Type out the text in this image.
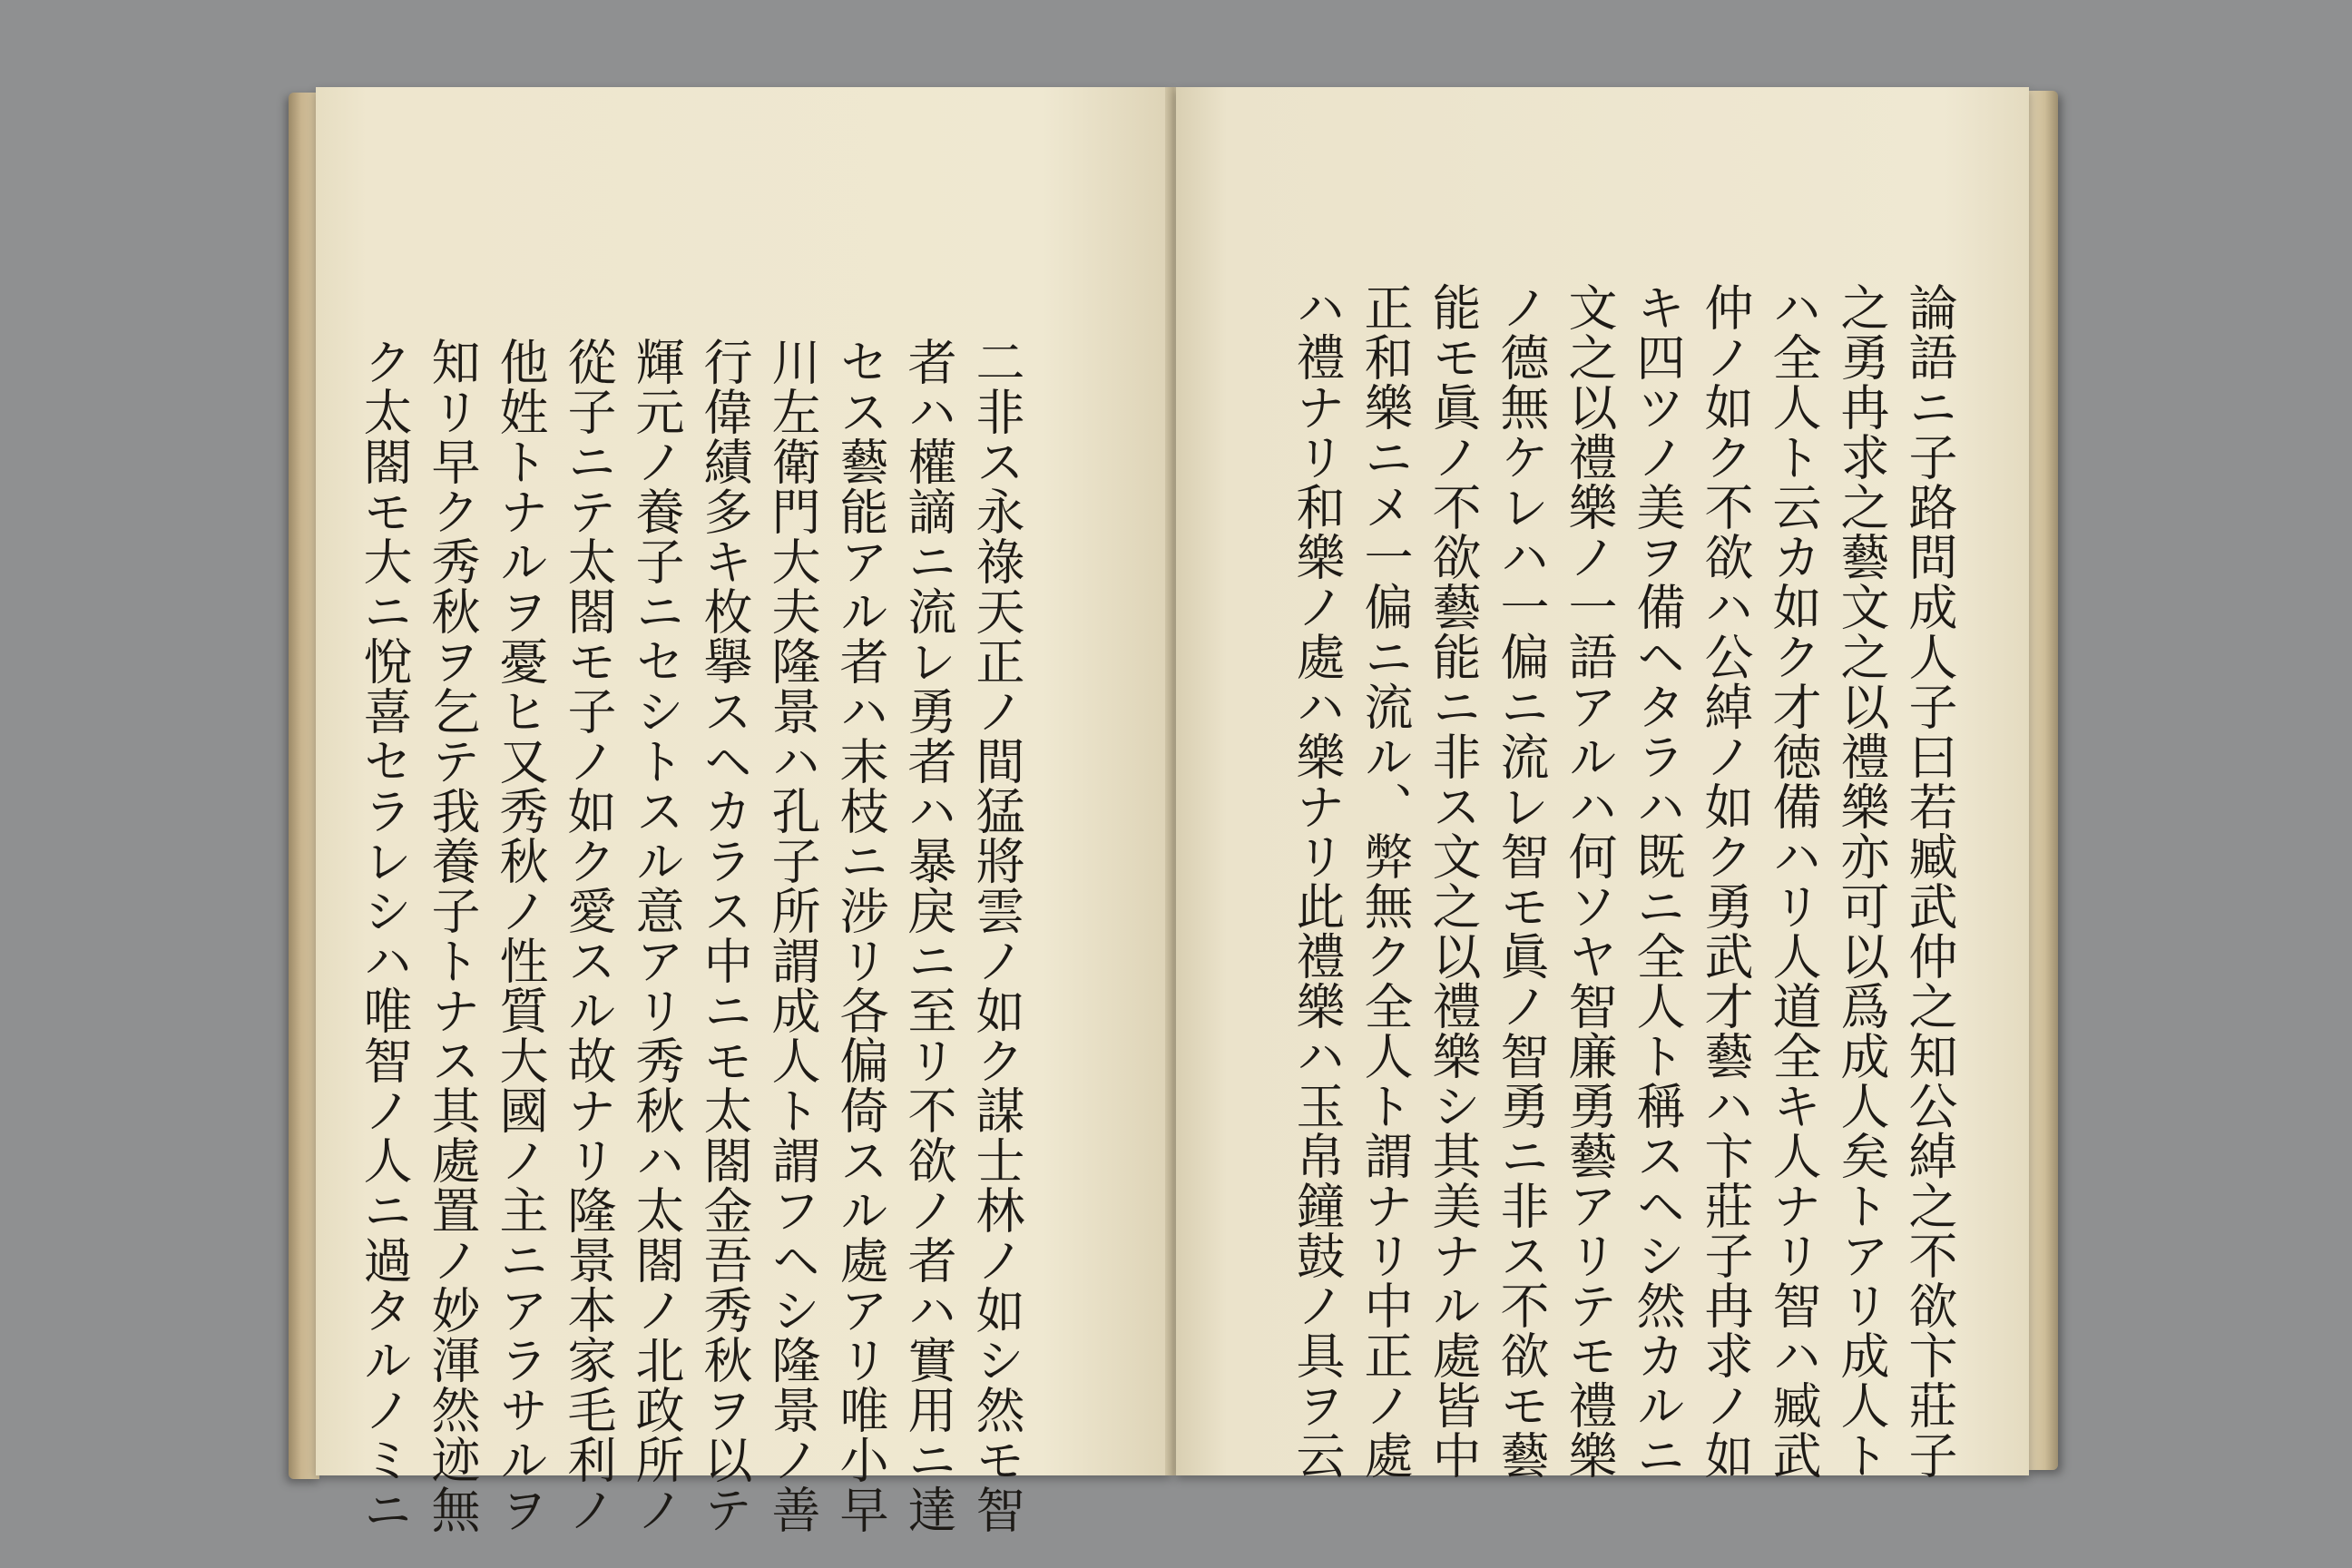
二非ス永祿天正ノ間猛將雲ノ如ク謀士林ノ如シ然モ智
者ハ權謫ニ流レ勇者ハ暴戾ニ至リ不欲ノ者ハ實用ニ達
セス藝能アル者ハ末枝ニ涉リ各偏倚スル處アリ唯小早
川左衛門大夫隆景ハ孔子所謂成人ト謂フヘシ隆景ノ善
行偉績多キ枚擧スヘカラス中ニモ太閤金吾秀秋ヲ以テ
輝元ノ養子ニセシトスル意アリ秀秋ハ太閤ノ北政所ノ
從子ニテ太閤モ子ノ如ク愛スル故ナリ隆景本家毛利ノ
他姓トナルヲ憂ヒ又秀秋ノ性質大國ノ主ニアラサルヲ
知リ早ク秀秋ヲ乞テ我養子トナス其處置ノ妙渾然迹無
ク太閤モ大ニ悅喜セラレシハ唯智ノ人ニ過タルノミニ	論語ニ子路問成人子曰若臧武仲之知公綽之不欲卞莊子
之勇冉求之藝文之以禮樂亦可以爲成人矣トアリ成人ト
ハ全人ト云カ如ク才徳備ハリ人道全キ人ナリ智ハ臧武
仲ノ如ク不欲ハ公綽ノ如ク勇武才藝ハ卞莊子冉求ノ如
キ四ツノ美ヲ備ヘタラハ既ニ全人ト稱スヘシ然カルニ
文之以禮樂ノ一語アルハ何ソヤ智廉勇藝アリテモ禮樂
ノ德無ケレハ一偏ニ流レ智モ眞ノ智勇ニ非ス不欲モ藝
能モ眞ノ不欲藝能ニ非ス文之以禮樂シ其美ナル處皆中
正和樂ニメ一偏ニ流ル、弊無ク全人ト謂ナリ中正ノ處
ハ禮ナリ和樂ノ處ハ樂ナリ此禮樂ハ玉帛鐘鼓ノ具ヲ云
